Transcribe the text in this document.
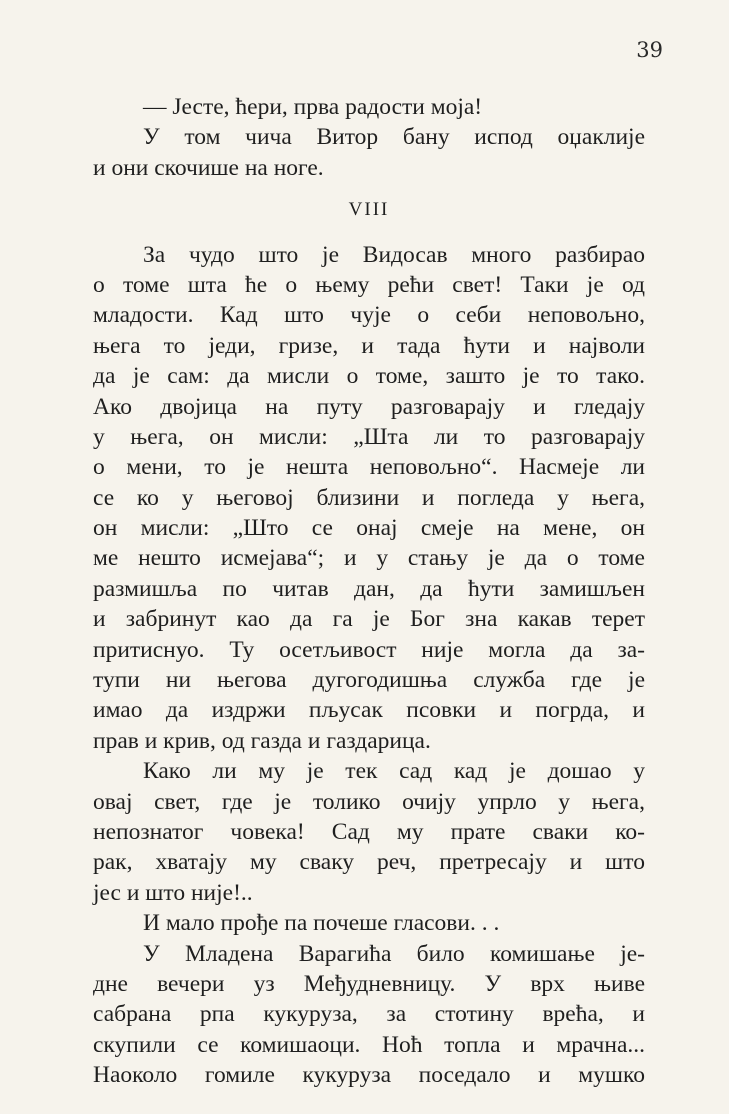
39
— Јесте, ћери, прва радости моја!
У том чича Витор бану испод оџаклије
и они скочише на ноге.
VIII
За чудо што је Видосав много разбирао
о томе шта ће о њему рећи свет! Таки је од
младости. Кад што чује о себи неповољно,
њега то једи, гризе, и тада ћути и најволи
да је сам: да мисли о томе, зашто је то тако.
Ако двојица на путу разговарају и гледају
у њега, он мисли: „Шта ли то разговарају
о мени, то је нешта неповољно“. Насмеје ли
се ко у његовој близини и погледа у њега,
он мисли: „Што се онај смеје на мене, он
ме нешто исмејава“; и у стању је да о томе
размишља по читав дан, да ћути замишљен
и забринут као да га је Бог зна какав терет
притиснуо. Ту осетљивост није могла да за-
тупи ни његова дугогодишња служба где је
имао да издржи пљусак псовки и погрда, и
прав и крив, од газда и газдарица.
Како ли му је тек сад кад је дошао у
овај свет, где је толико очију упрло у њега,
непознатог човека! Сад му прате сваки ко-
рак, хватају му сваку реч, претресају и што
јес и што није!..
И мало прође па почеше гласови. . .
У Младена Варагића било комишање је-
дне вечери уз Међудневницу. У врх њиве
сабрана рпа кукуруза, за стотину врећа, и
скупили се комишаоци. Ноћ топла и мрачна...
Наоколо гомиле кукуруза поседало и мушко
